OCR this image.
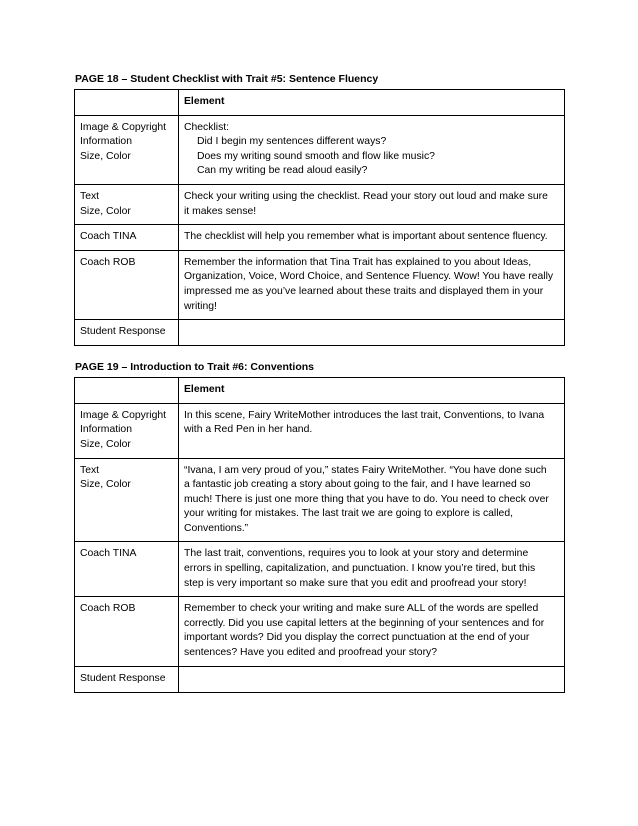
PAGE 18 – Student Checklist with Trait #5: Sentence Fluency
	Element

Image & Copyright
Information
Size, Color	Checklist:
Did I begin my sentences different ways?
Does my writing sound smooth and flow like music?
Can my writing be read aloud easily?

Text
Size, Color	Check your writing using the checklist. Read your story out loud and make sure
it makes sense!

Coach TINA	The checklist will help you remember what is important about sentence fluency.

Coach ROB	Remember the information that Tina Trait has explained to you about Ideas,
Organization, Voice, Word Choice, and Sentence Fluency. Wow! You have really
impressed me as you’ve learned about these traits and displayed them in your
writing!

Student Response	

PAGE 19 – Introduction to Trait #6: Conventions
	Element

Image & Copyright
Information
Size, Color	In this scene, Fairy WriteMother introduces the last trait, Conventions, to Ivana
with a Red Pen in her hand.

Text
Size, Color	“Ivana, I am very proud of you,” states Fairy WriteMother. “You have done such
a fantastic job creating a story about going to the fair, and I have learned so
much! There is just one more thing that you have to do. You need to check over
your writing for mistakes. The last trait we are going to explore is called,
Conventions.”

Coach TINA	The last trait, conventions, requires you to look at your story and determine
errors in spelling, capitalization, and punctuation. I know you’re tired, but this
step is very important so make sure that you edit and proofread your story!

Coach ROB	Remember to check your writing and make sure ALL of the words are spelled
correctly. Did you use capital letters at the beginning of your sentences and for
important words? Did you display the correct punctuation at the end of your
sentences? Have you edited and proofread your story?

Student Response	
